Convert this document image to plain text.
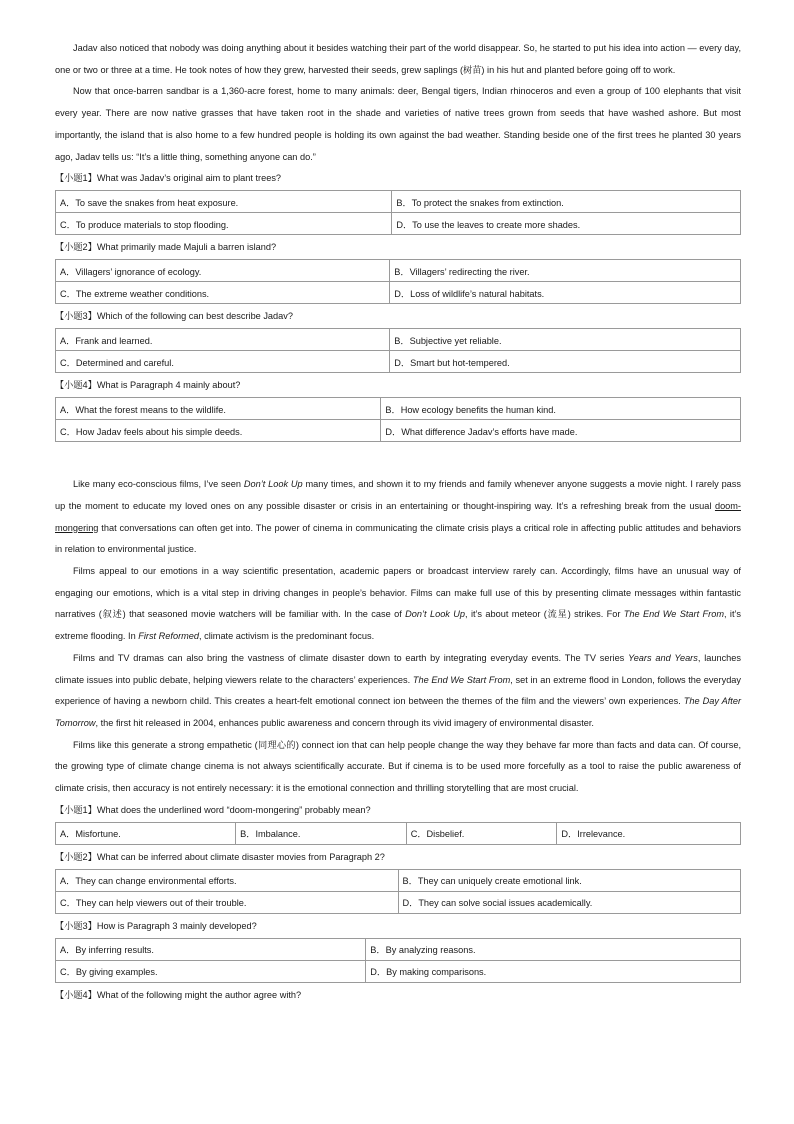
Jadav also noticed that nobody was doing anything about it besides watching their part of the world disappear. So, he started to put his idea into action — every day, one or two or three at a time. He took notes of how they grew, harvested their seeds, grew saplings (树苗) in his hut and planted before going off to work.

Now that once-barren sandbar is a 1,360-acre forest, home to many animals: deer, Bengal tigers, Indian rhinoceros and even a group of 100 elephants that visit every year. There are now native grasses that have taken root in the shade and varieties of native trees grown from seeds that have washed ashore. But most importantly, the island that is also home to a few hundred people is holding its own against the bad weather. Standing beside one of the first trees he planted 30 years ago, Jadav tells us: “It’s a little thing, something anyone can do.”

【小题1】What was Jadav’s original aim to plant trees?
A．To save the snakes from heat exposure.	B．To protect the snakes from extinction.
C．To produce materials to stop flooding.	D．To use the leaves to create more shades.
【小题2】What primarily made Majuli a barren island?
A．Villagers’ ignorance of ecology.	B．Villagers’ redirecting the river.
C．The extreme weather conditions.	D．Loss of wildlife’s natural habitats.
【小题3】Which of the following can best describe Jadav?
A．Frank and learned.	B．Subjective yet reliable.
C．Determined and careful.	D．Smart but hot-tempered.
【小题4】What is Paragraph 4 mainly about?
A．What the forest means to the wildlife.	B．How ecology benefits the human kind.
C．How Jadav feels about his simple deeds.	D．What difference Jadav’s efforts have made.

Like many eco-conscious films, I’ve seen Don’t Look Up many times, and shown it to my friends and family whenever anyone suggests a movie night. I rarely pass up the moment to educate my loved ones on any possible disaster or crisis in an entertaining or thought-inspiring way. It’s a refreshing break from the usual doom-mongering that conversations can often get into. The power of cinema in communicating the climate crisis plays a critical role in affecting public attitudes and behaviors in relation to environmental justice.

Films appeal to our emotions in a way scientific presentation, academic papers or broadcast interview rarely can. Accordingly, films have an unusual way of engaging our emotions, which is a vital step in driving changes in people’s behavior. Films can make full use of this by presenting climate messages within fantastic narratives (叙述) that seasoned movie watchers will be familiar with. In the case of Don’t Look Up, it’s about meteor (流星) strikes. For The End We Start From, it’s extreme flooding. In First Reformed, climate activism is the predominant focus.

Films and TV dramas can also bring the vastness of climate disaster down to earth by integrating everyday events. The TV series Years and Years, launches climate issues into public debate, helping viewers relate to the characters’ experiences. The End We Start From, set in an extreme flood in London, follows the everyday experience of having a newborn child. This creates a heart-felt emotional connect ion between the themes of the film and the viewers’ own experiences. The Day After Tomorrow, the first hit released in 2004, enhances public awareness and concern through its vivid imagery of environmental disaster.

Films like this generate a strong empathetic (同理心的) connect ion that can help people change the way they behave far more than facts and data can. Of course, the growing type of climate change cinema is not always scientifically accurate. But if cinema is to be used more forcefully as a tool to raise the public awareness of climate crisis, then accuracy is not entirely necessary: it is the emotional connection and thrilling storytelling that are most crucial.

【小题1】What does the underlined word “doom-mongering” probably mean?
A．Misfortune.	B．Imbalance.	C．Disbelief.	D．Irrelevance.
【小题2】What can be inferred about climate disaster movies from Paragraph 2?
A．They can change environmental efforts.	B．They can uniquely create emotional link.
C．They can help viewers out of their trouble.	D．They can solve social issues academically.
【小题3】How is Paragraph 3 mainly developed?
A．By inferring results.	B．By analyzing reasons.
C．By giving examples.	D．By making comparisons.
【小题4】What of the following might the author agree with?
